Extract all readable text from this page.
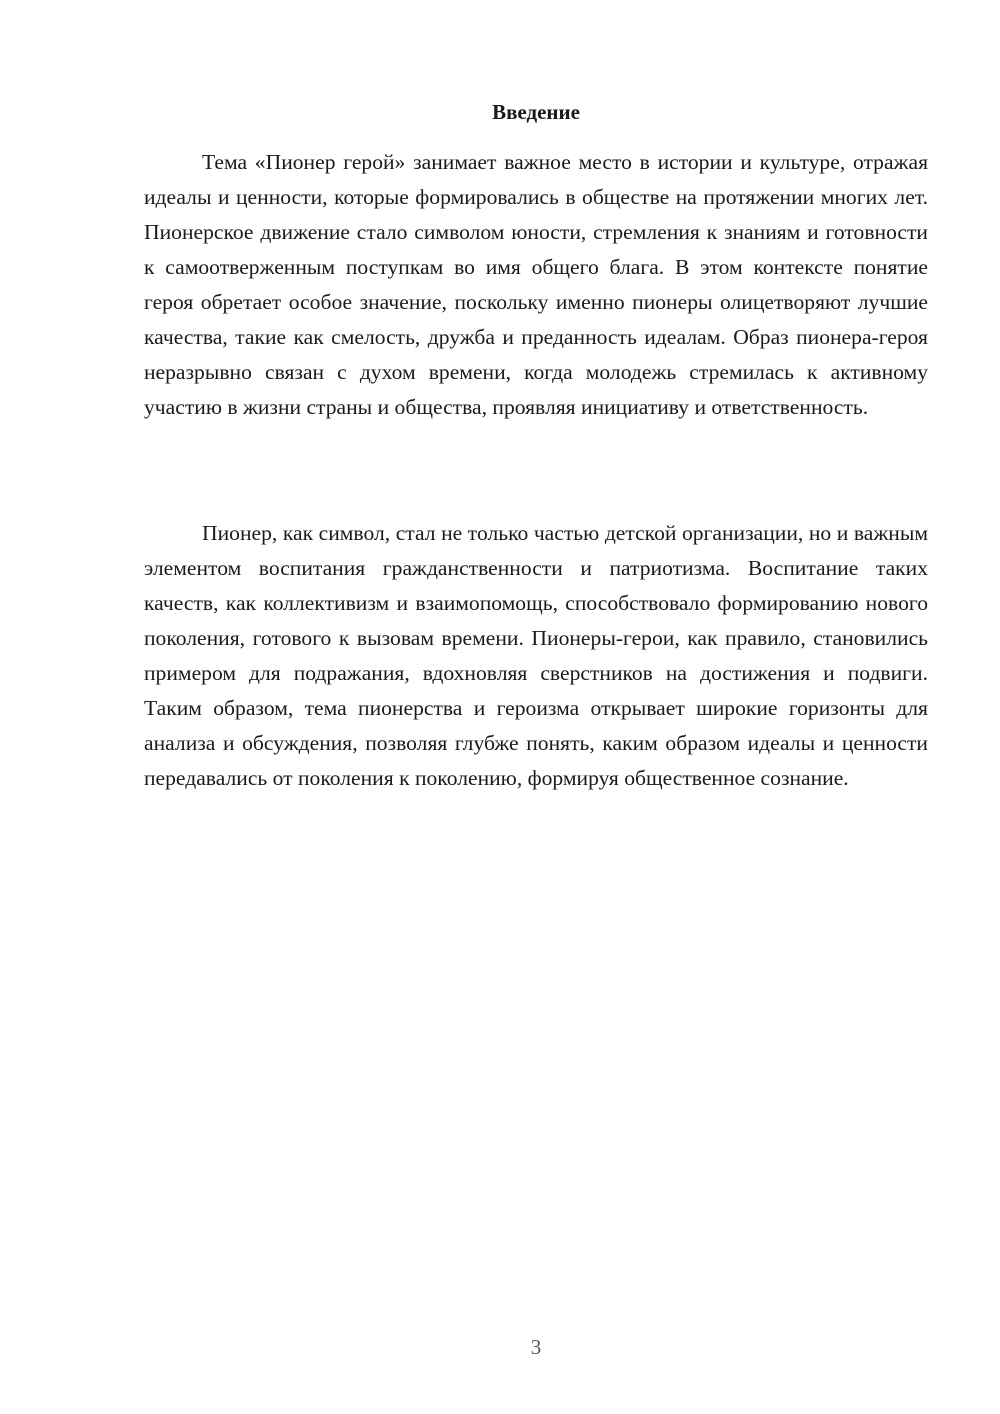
Введение

Тема «Пионер герой» занимает важное место в истории и культуре, отражая идеалы и ценности, которые формировались в обществе на протяжении многих лет. Пионерское движение стало символом юности, стремления к знаниям и готовности к самоотверженным поступкам во имя общего блага. В этом контексте понятие героя обретает особое значение, поскольку именно пионеры олицетворяют лучшие качества, такие как смелость, дружба и преданность идеалам. Образ пионера-героя неразрывно связан с духом времени, когда молодежь стремилась к активному участию в жизни страны и общества, проявляя инициативу и ответственность.

Пионер, как символ, стал не только частью детской организации, но и важным элементом воспитания гражданственности и патриотизма. Воспитание таких качеств, как коллективизм и взаимопомощь, способствовало формированию нового поколения, готового к вызовам времени. Пионеры-герои, как правило, становились примером для подражания, вдохновляя сверстников на достижения и подвиги. Таким образом, тема пионерства и героизма открывает широкие горизонты для анализа и обсуждения, позволяя глубже понять, каким образом идеалы и ценности передавались от поколения к поколению, формируя общественное сознание.

3
